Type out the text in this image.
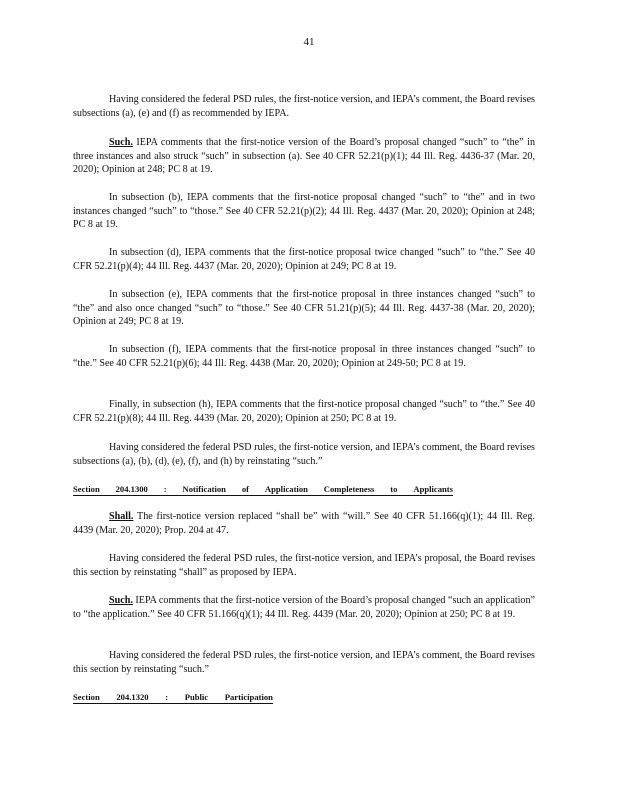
41
Having considered the federal PSD rules, the first-notice version, and IEPA’s comment, the Board revises subsections (a), (e) and (f) as recommended by IEPA.
Such. IEPA comments that the first-notice version of the Board’s proposal changed “such” to “the” in three instances and also struck “such” in subsection (a). See 40 CFR 52.21(p)(1); 44 Ill. Reg. 4436-37 (Mar. 20, 2020); Opinion at 248; PC 8 at 19.
In subsection (b), IEPA comments that the first-notice proposal changed “such” to “the” and in two instances changed “such” to “those.” See 40 CFR 52.21(p)(2); 44 Ill. Reg. 4437 (Mar. 20, 2020); Opinion at 248; PC 8 at 19.
In subsection (d), IEPA comments that the first-notice proposal twice changed “such” to “the.” See 40 CFR 52.21(p)(4); 44 Ill. Reg. 4437 (Mar. 20, 2020); Opinion at 249; PC 8 at 19.
In subsection (e), IEPA comments that the first-notice proposal in three instances changed “such” to “the” and also once changed “such” to “those.” See 40 CFR 51.21(p)(5); 44 Ill. Reg. 4437-38 (Mar. 20, 2020); Opinion at 249; PC 8 at 19.
In subsection (f), IEPA comments that the first-notice proposal in three instances changed “such” to “the.” See 40 CFR 52.21(p)(6); 44 Ill. Reg. 4438 (Mar. 20, 2020); Opinion at 249-50; PC 8 at 19.
Finally, in subsection (h), IEPA comments that the first-notice proposal changed “such” to “the.” See 40 CFR 52.21(p)(8); 44 Ill. Reg. 4439 (Mar. 20, 2020); Opinion at 250; PC 8 at 19.
Having considered the federal PSD rules, the first-notice version, and IEPA’s comment, the Board revises subsections (a), (b), (d), (e), (f), and (h) by reinstating “such.”
Section 204.1300 : Notification of Application Completeness to Applicants
Shall. The first-notice version replaced “shall be” with “will.” See 40 CFR 51.166(q)(1); 44 Ill. Reg. 4439 (Mar. 20, 2020); Prop. 204 at 47.
Having considered the federal PSD rules, the first-notice version, and IEPA’s proposal, the Board revises this section by reinstating “shall” as proposed by IEPA.
Such. IEPA comments that the first-notice version of the Board’s proposal changed “such an application” to “the application.” See 40 CFR 51.166(q)(1); 44 Ill. Reg. 4439 (Mar. 20, 2020); Opinion at 250; PC 8 at 19.
Having considered the federal PSD rules, the first-notice version, and IEPA’s comment, the Board revises this section by reinstating “such.”
Section 204.1320 : Public Participation
